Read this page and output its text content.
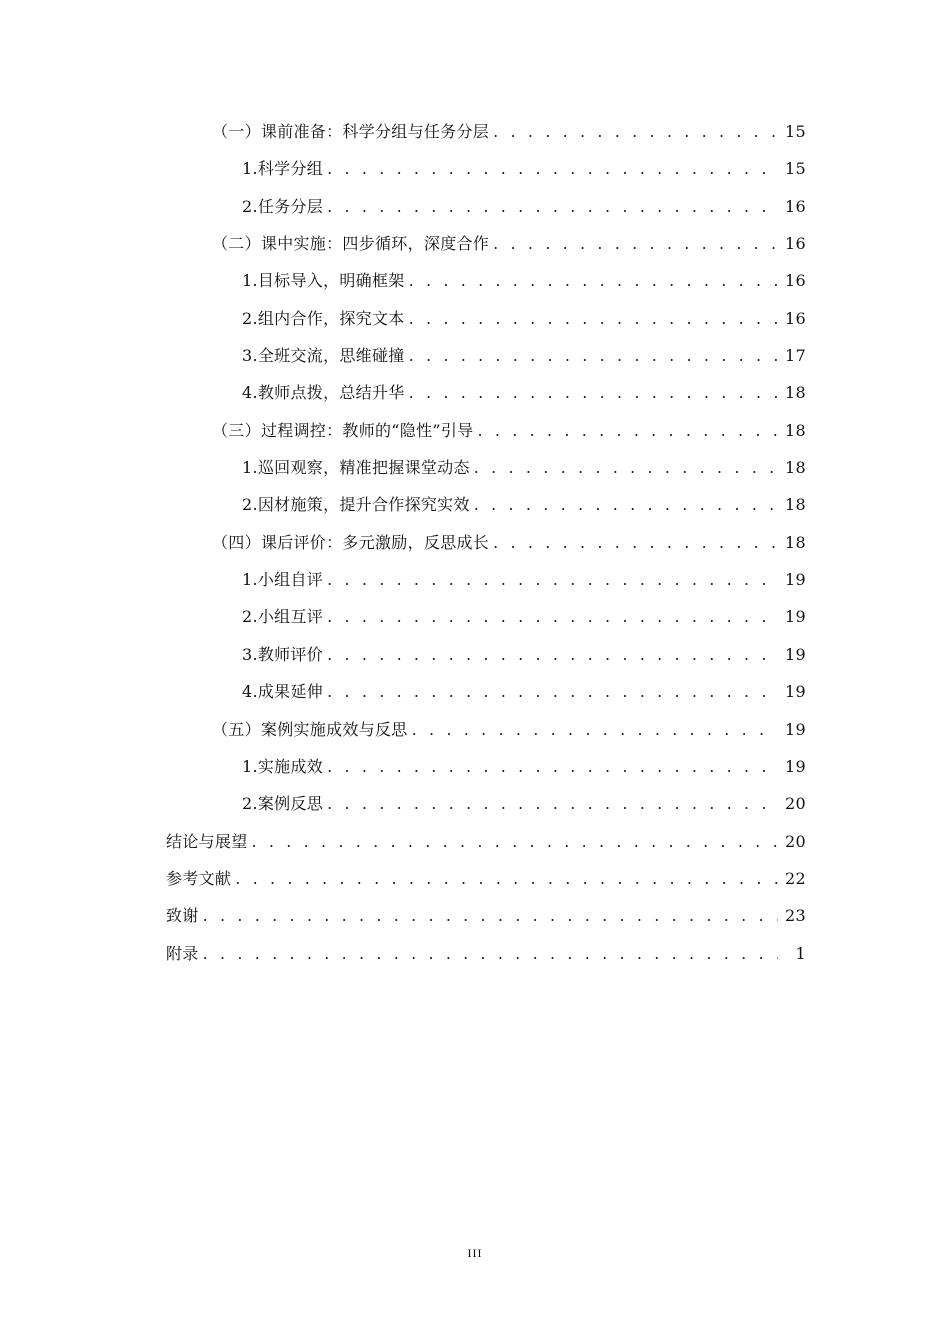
（一）课前准备：科学分组与任务分层 . . .	15
1.科学分组 . . .	15
2.任务分层 . . .	16
（二）课中实施：四步循环，深度合作 . . .	16
1.目标导入，明确框架 . . .	16
2.组内合作，探究文本 . . .	16
3.全班交流，思维碰撞 . . .	17
4.教师点拨，总结升华 . . .	18
（三）过程调控：教师的“隐性”引导 . . .	18
1.巡回观察，精准把握课堂动态 . . .	18
2.因材施策，提升合作探究实效 . . .	18
（四）课后评价：多元激励，反思成长 . . .	18
1.小组自评 . . .	19
2.小组互评 . . .	19
3.教师评价 . . .	19
4.成果延伸 . . .	19
（五）案例实施成效与反思 . . .	19
1.实施成效 . . .	19
2.案例反思 . . .	20
结论与展望 . . .	20
参考文献 . . .	22
致谢 . . .	23
附录 . . .	1
III
